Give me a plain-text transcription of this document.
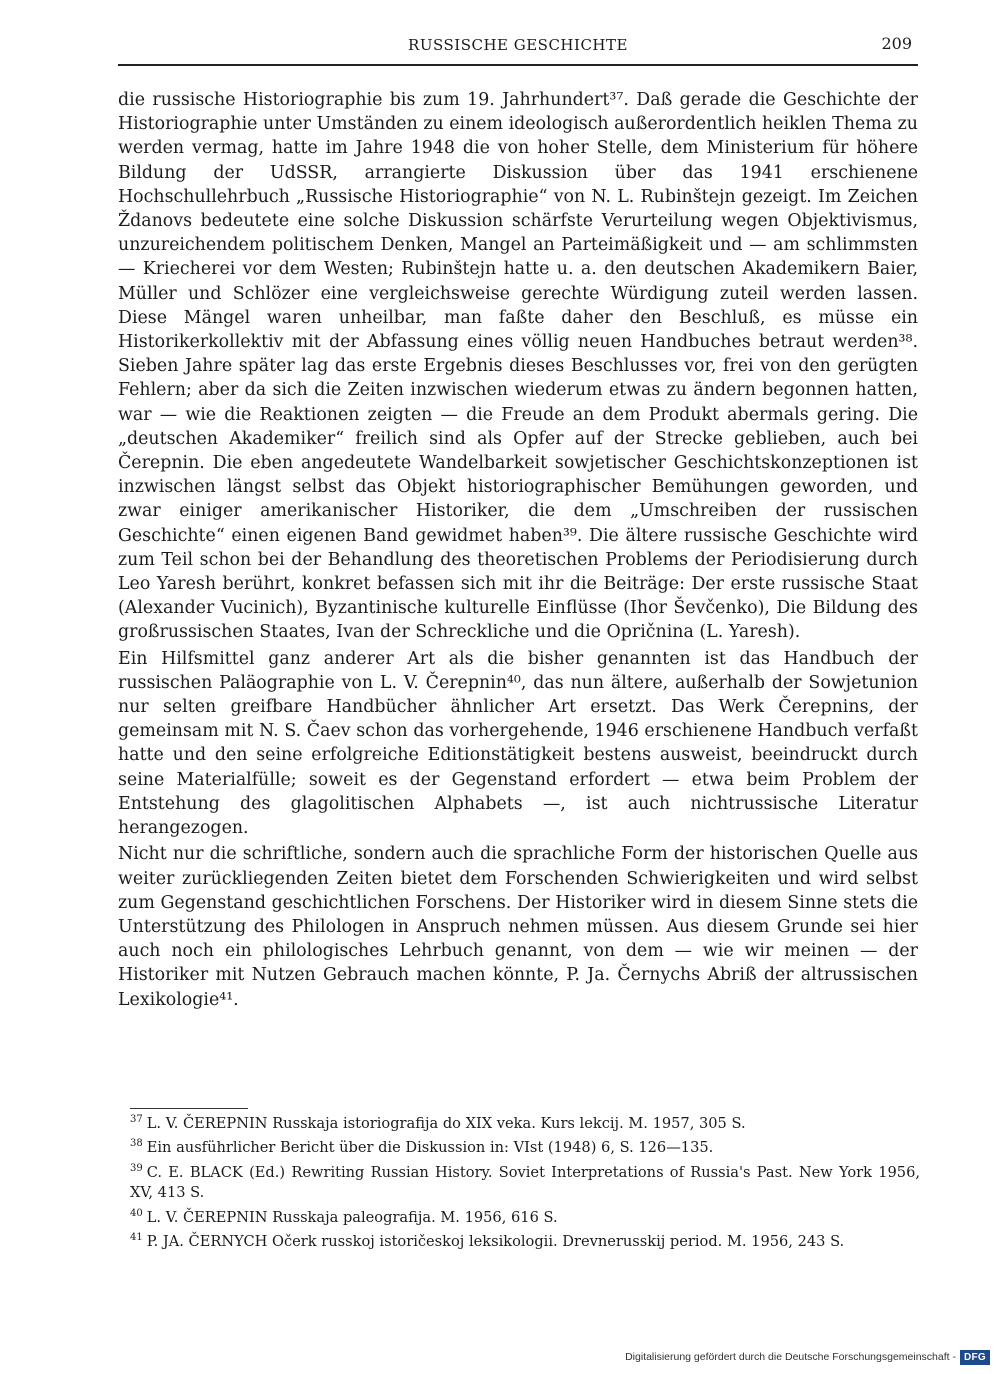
RUSSISCHE GESCHICHTE	209

die russische Historiographie bis zum 19. Jahrhundert³⁷. Daß gerade die Geschichte der Historiographie unter Umständen zu einem ideologisch außerordentlich heiklen Thema zu werden vermag, hatte im Jahre 1948 die von hoher Stelle, dem Ministerium für höhere Bildung der UdSSR, arrangierte Diskussion über das 1941 erschienene Hochschullehrbuch „Russische Historiographie“ von N. L. Rubinštejn gezeigt. Im Zeichen Ždanovs bedeutete eine solche Diskussion schärfste Verurteilung wegen Objektivismus, unzureichendem politischem Denken, Mangel an Parteimäßigkeit und — am schlimmsten — Kriecherei vor dem Westen; Rubinštejn hatte u. a. den deutschen Akademikern Baier, Müller und Schlözer eine vergleichsweise gerechte Würdigung zuteil werden lassen. Diese Mängel waren unheilbar, man faßte daher den Beschluß, es müsse ein Historikerkollektiv mit der Abfassung eines völlig neuen Handbuches betraut werden³⁸. Sieben Jahre später lag das erste Ergebnis dieses Beschlusses vor, frei von den gerügten Fehlern; aber da sich die Zeiten inzwischen wiederum etwas zu ändern begonnen hatten, war — wie die Reaktionen zeigten — die Freude an dem Produkt abermals gering. Die „deutschen Akademiker“ freilich sind als Opfer auf der Strecke geblieben, auch bei Čerepnin. Die eben angedeutete Wandelbarkeit sowjetischer Geschichtskonzeptionen ist inzwischen längst selbst das Objekt historiographischer Bemühungen geworden, und zwar einiger amerikanischer Historiker, die dem „Umschreiben der russischen Geschichte“ einen eigenen Band gewidmet haben³⁹. Die ältere russische Geschichte wird zum Teil schon bei der Behandlung des theoretischen Problems der Periodisierung durch Leo Yaresh berührt, konkret befassen sich mit ihr die Beiträge: Der erste russische Staat (Alexander Vucinich), Byzantinische kulturelle Einflüsse (Ihor Ševčenko), Die Bildung des großrussischen Staates, Ivan der Schreckliche und die Opričnina (L. Yaresh).

Ein Hilfsmittel ganz anderer Art als die bisher genannten ist das Handbuch der russischen Paläographie von L. V. Čerepnin⁴⁰, das nun ältere, außerhalb der Sowjetunion nur selten greifbare Handbücher ähnlicher Art ersetzt. Das Werk Čerepnins, der gemeinsam mit N. S. Čaev schon das vorhergehende, 1946 erschienene Handbuch verfaßt hatte und den seine erfolgreiche Editionstätigkeit bestens ausweist, beeindruckt durch seine Materialfülle; soweit es der Gegenstand erfordert — etwa beim Problem der Entstehung des glagolitischen Alphabets —, ist auch nichtrussische Literatur herangezogen.

Nicht nur die schriftliche, sondern auch die sprachliche Form der historischen Quelle aus weiter zurückliegenden Zeiten bietet dem Forschenden Schwierigkeiten und wird selbst zum Gegenstand geschichtlichen Forschens. Der Historiker wird in diesem Sinne stets die Unterstützung des Philologen in Anspruch nehmen müssen. Aus diesem Grunde sei hier auch noch ein philologisches Lehrbuch genannt, von dem — wie wir meinen — der Historiker mit Nutzen Gebrauch machen könnte, P. Ja. Černychs Abriß der altrussischen Lexikologie⁴¹.

$^{37}$ L. V. ČEREPNIN Russkaja istoriografija do XIX veka. Kurs lekcij. M. 1957, 305 S.

$^{38}$ Ein ausführlicher Bericht über die Diskussion in: VIst (1948) 6, S. 126—135.

$^{39}$ C. E. BLACK (Ed.) Rewriting Russian History. Soviet Interpretations of Russia's Past. New York 1956, XV, 413 S.

$^{40}$ L. V. ČEREPNIN Russkaja paleografija. M. 1956, 616 S.

$^{41}$ P. JA. ČERNYCH Očerk russkoj istoričeskoj leksikologii. Drevnerusskij period. M. 1956, 243 S.

Digitalisierung gefördert durch die Deutsche Forschungsgemeinschaft - DFG
